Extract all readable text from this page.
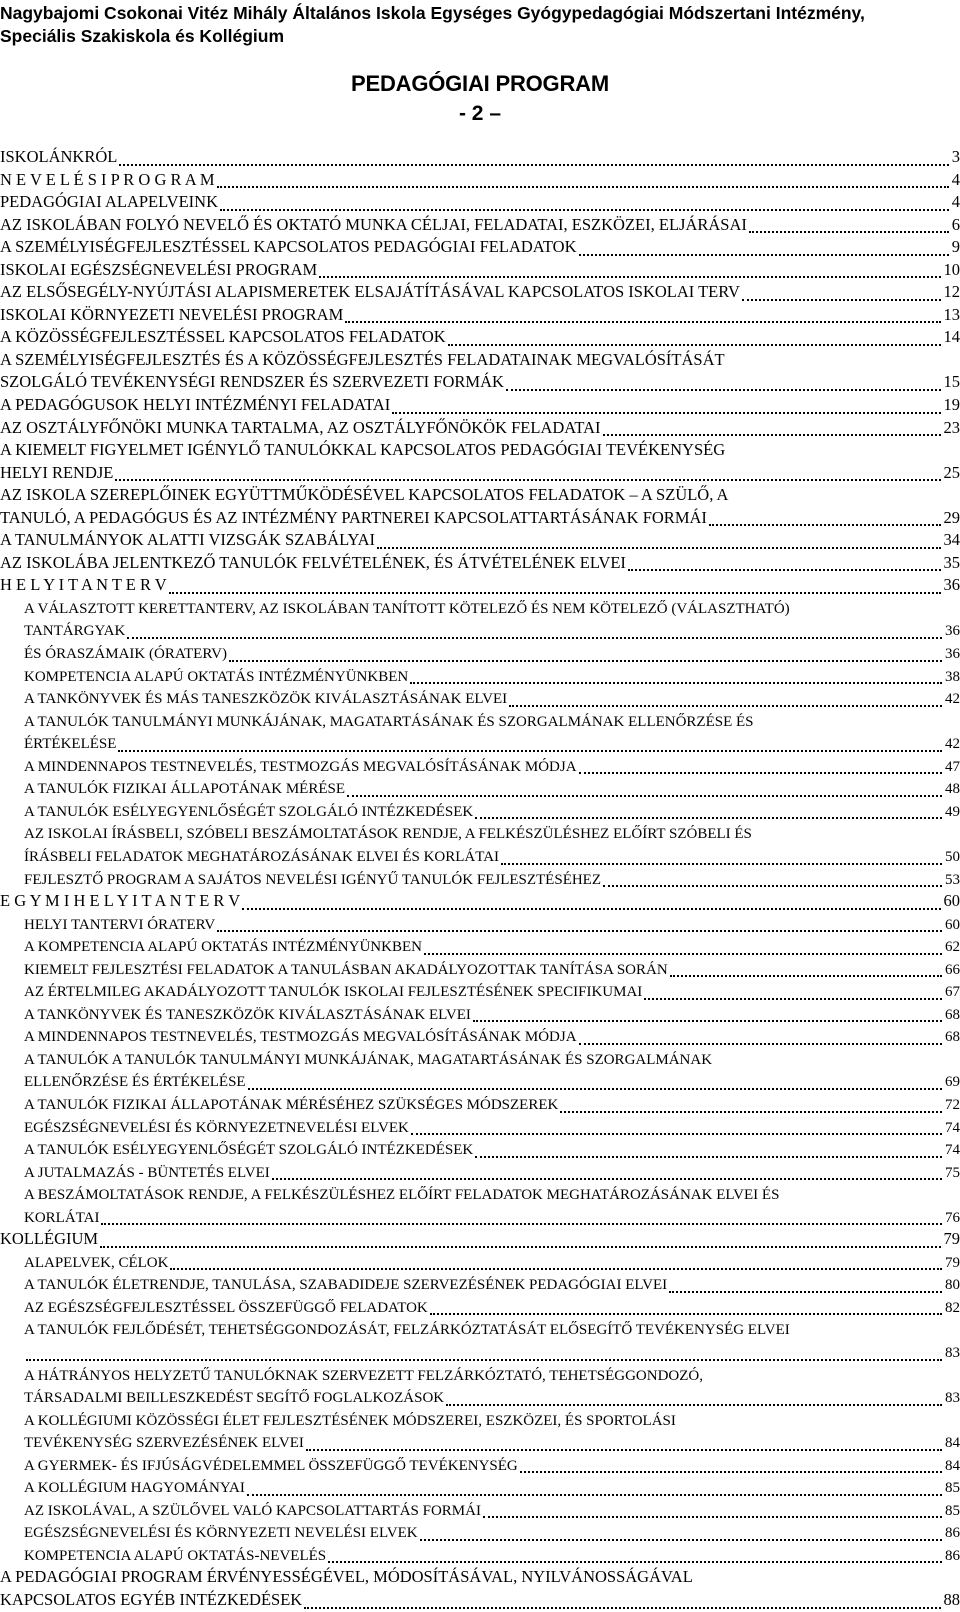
Nagybajomi Csokonai Vitéz Mihály Általános Iskola Egységes Gyógypedagógiai Módszertani Intézmény,
Speciális Szakiskola és Kollégium
PEDAGÓGIAI PROGRAM
- 2 –
ISKOLÁNKRÓL	3
N E V E L É S I P R O G R A M	4
PEDAGÓGIAI ALAPELVEINK	4
AZ ISKOLÁBAN FOLYÓ NEVELŐ ÉS OKTATÓ MUNKA CÉLJAI, FELADATAI, ESZKÖZEI, ELJÁRÁSAI	6
A SZEMÉLYISÉGFEJLESZTÉSSEL KAPCSOLATOS PEDAGÓGIAI FELADATOK	9
ISKOLAI EGÉSZSÉGNEVELÉSI PROGRAM	10
AZ ELSŐSEGÉLY-NYÚJTÁSI ALAPISMERETEK ELSAJÁTÍTÁSÁVAL KAPCSOLATOS ISKOLAI TERV	12
ISKOLAI KÖRNYEZETI NEVELÉSI PROGRAM	13
A KÖZÖSSÉGFEJLESZTÉSSEL KAPCSOLATOS FELADATOK	14
A SZEMÉLYISÉGFEJLESZTÉS ÉS A KÖZÖSSÉGFEJLESZTÉS FELADATAINAK MEGVALÓSÍTÁSÁT
SZOLGÁLÓ TEVÉKENYSÉGI RENDSZER ÉS SZERVEZETI FORMÁK	15
A PEDAGÓGUSOK HELYI INTÉZMÉNYI FELADATAI	19
AZ OSZTÁLYFŐNÖKI MUNKA TARTALMA, AZ OSZTÁLYFŐNÖKÖK FELADATAI	23
A KIEMELT FIGYELMET IGÉNYLŐ TANULÓKKAL KAPCSOLATOS PEDAGÓGIAI TEVÉKENYSÉG
HELYI RENDJE	25
AZ ISKOLA SZEREPLŐINEK EGYÜTTMŰKÖDÉSÉVEL KAPCSOLATOS FELADATOK – A SZÜLŐ, A
TANULÓ, A PEDAGÓGUS ÉS AZ INTÉZMÉNY PARTNEREI KAPCSOLATTARTÁSÁNAK FORMÁI	29
A TANULMÁNYOK ALATTI VIZSGÁK SZABÁLYAI	34
AZ ISKOLÁBA JELENTKEZŐ TANULÓK FELVÉTELÉNEK, ÉS ÁTVÉTELÉNEK ELVEI	35
H E L Y I T A N T E R V	36
A VÁLASZTOTT KERETTANTERV, AZ ISKOLÁBAN TANÍTOTT KÖTELEZŐ ÉS NEM KÖTELEZŐ (VÁLASZTHATÓ)
TANTÁRGYAK	36
ÉS ÓRASZÁMAIK (ÓRATERV)	36
KOMPETENCIA ALAPÚ OKTATÁS INTÉZMÉNYÜNKBEN	38
A TANKÖNYVEK ÉS MÁS TANESZKÖZÖK KIVÁLASZTÁSÁNAK ELVEI	42
A TANULÓK TANULMÁNYI MUNKÁJÁNAK, MAGATARTÁSÁNAK ÉS SZORGALMÁNAK ELLENŐRZÉSE ÉS
ÉRTÉKELÉSE	42
A MINDENNAPOS TESTNEVELÉS, TESTMOZGÁS MEGVALÓSÍTÁSÁNAK MÓDJA	47
A TANULÓK FIZIKAI ÁLLAPOTÁNAK MÉRÉSE	48
A TANULÓK ESÉLYEGYENLŐSÉGÉT SZOLGÁLÓ INTÉZKEDÉSEK	49
AZ ISKOLAI ÍRÁSBELI, SZÓBELI BESZÁMOLTATÁSOK RENDJE, A FELKÉSZÜLÉSHEZ ELŐÍRT SZÓBELI ÉS
ÍRÁSBELI FELADATOK MEGHATÁROZÁSÁNAK ELVEI ÉS KORLÁTAI	50
FEJLESZTŐ PROGRAM A SAJÁTOS NEVELÉSI IGÉNYŰ TANULÓK FEJLESZTÉSÉHEZ	53
E G Y M I H E L Y I T A N T E R V	60
HELYI TANTERVI ÓRATERV	60
A KOMPETENCIA ALAPÚ OKTATÁS INTÉZMÉNYÜNKBEN	62
KIEMELT FEJLESZTÉSI FELADATOK A TANULÁSBAN AKADÁLYOZOTTAK TANÍTÁSA SORÁN	66
AZ ÉRTELMILEG AKADÁLYOZOTT TANULÓK ISKOLAI FEJLESZTÉSÉNEK SPECIFIKUMAI	67
A TANKÖNYVEK ÉS TANESZKÖZÖK KIVÁLASZTÁSÁNAK ELVEI	68
A MINDENNAPOS TESTNEVELÉS, TESTMOZGÁS MEGVALÓSÍTÁSÁNAK MÓDJA	68
A TANULÓK A TANULÓK TANULMÁNYI MUNKÁJÁNAK, MAGATARTÁSÁNAK ÉS SZORGALMÁNAK
ELLENŐRZÉSE ÉS ÉRTÉKELÉSE	69
A TANULÓK FIZIKAI ÁLLAPOTÁNAK MÉRÉSÉHEZ SZÜKSÉGES MÓDSZEREK	72
EGÉSZSÉGNEVELÉSI ÉS KÖRNYEZETNEVELÉSI ELVEK	74
A TANULÓK ESÉLYEGYENLŐSÉGÉT SZOLGÁLÓ INTÉZKEDÉSEK	74
A JUTALMAZÁS - BÜNTETÉS ELVEI	75
A BESZÁMOLTATÁSOK RENDJE, A FELKÉSZÜLÉSHEZ ELŐÍRT FELADATOK MEGHATÁROZÁSÁNAK ELVEI ÉS
KORLÁTAI	76
KOLLÉGIUM	79
ALAPELVEK, CÉLOK	79
A TANULÓK ÉLETRENDJE, TANULÁSA, SZABADIDEJE SZERVEZÉSÉNEK PEDAGÓGIAI ELVEI	80
AZ EGÉSZSÉGFEJLESZTÉSSEL ÖSSZEFÜGGŐ FELADATOK	82
A TANULÓK FEJLŐDÉSÉT, TEHETSÉGGONDOZÁSÁT, FELZÁRKÓZTATÁSÁT ELŐSEGÍTŐ TEVÉKENYSÉG ELVEI
83
A HÁTRÁNYOS HELYZETŰ TANULÓKNAK SZERVEZETT FELZÁRKÓZTATÓ, TEHETSÉGGONDOZÓ,
TÁRSADALMI BEILLESZKEDÉST SEGÍTŐ FOGLALKOZÁSOK	83
A KOLLÉGIUMI KÖZÖSSÉGI ÉLET FEJLESZTÉSÉNEK MÓDSZEREI, ESZKÖZEI, ÉS SPORTOLÁSI
TEVÉKENYSÉG SZERVEZÉSÉNEK ELVEI	84
A GYERMEK- ÉS IFJÚSÁGVÉDELEMMEL ÖSSZEFÜGGŐ TEVÉKENYSÉG	84
A KOLLÉGIUM HAGYOMÁNYAI	85
AZ ISKOLÁVAL, A SZÜLŐVEL VALÓ KAPCSOLATTARTÁS FORMÁI	85
EGÉSZSÉGNEVELÉSI ÉS KÖRNYEZETI NEVELÉSI ELVEK	86
KOMPETENCIA ALAPÚ OKTATÁS-NEVELÉS	86
A PEDAGÓGIAI PROGRAM ÉRVÉNYESSÉGÉVEL, MÓDOSÍTÁSÁVAL, NYILVÁNOSSÁGÁVAL
KAPCSOLATOS EGYÉB INTÉZKEDÉSEK	88
